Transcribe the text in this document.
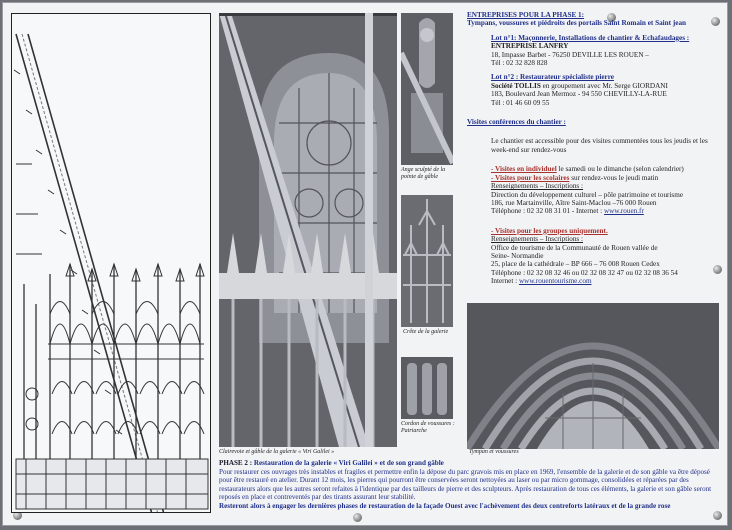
Clairevoie et gâble de la galerie « Viri Galilei »
Ange sculpté de la pointe de gâble
Crête de la galerie
Cordon de voussures : Patriarche

ENTREPRISES POUR LA PHASE 1:

Tympans, voussures et piédroits des portails Saint Romain et Saint jean

Lot n°1: Maçonnerie, Installations de chantier & Echafaudages :

ENTREPRISE LANFRY

18, Impasse Barbet - 76250 DEVILLE LES ROUEN –

Tél : 02 32 828 828

Lot n°2 : Restaurateur spécialiste pierre

Société TOLLIS en groupement avec Mr. Serge GIORDANI

183, Boulevard Jean Mermoz - 94 550 CHEVILLY-LA-RUE

Tél : 01 46 60 09 55

Visites conférences du chantier :

Le chantier est accessible pour des visites commentées tous les jeudis et les week-end sur rendez-vous

- Visites en individuel le samedi ou le dimanche (selon calendrier)

- Visites pour les scolaires sur rendez-vous le jeudi matin

Renseignements – Inscriptions :

Direction du développement culturel – pôle patrimoine et tourisme

186, rue Martainville, Aître Saint-Maclou –76 000 Rouen

Téléphone : 02 32 08 31 01 - Internet : www.rouen.fr

- Visites pour les groupes uniquement.

Renseignements – Inscriptions :

Office de tourisme de la Communauté de Rouen vallée de

Seine- Normandie

25, place de la cathédrale – BP 666 – 76 008 Rouen Cedex

Téléphone : 02 32 08 32 46 ou 02 32 08 32 47 ou 02 32 08 36 54

Internet : www.rouentourisme.com

Tympan et voussures

PHASE 2 : Restauration de la galerie « Viri Galilei » et de son grand gâble

Pour restaurer ces ouvrages très instables et fragiles et permettre enfin la dépose du parc gravois mis en place en 1969, l'ensemble de la galerie et de son gâble va être déposé pour être restauré en atelier. Durant 12 mois, les pierres qui pourront être conservées seront nettoyées au laser ou par micro gommage, consolidées et réparées par des restaurateurs alors que les autres seront refaites à l'identique par des tailleurs de pierre et des sculpteurs. Après restauration de tous ces éléments, la galerie et son gâble seront reposés en place et contreventés par des tirants assurant leur stabilité.

Resteront alors à engager les dernières phases de restauration de la façade Ouest avec l'achèvement des deux contreforts latéraux et de la grande rose
